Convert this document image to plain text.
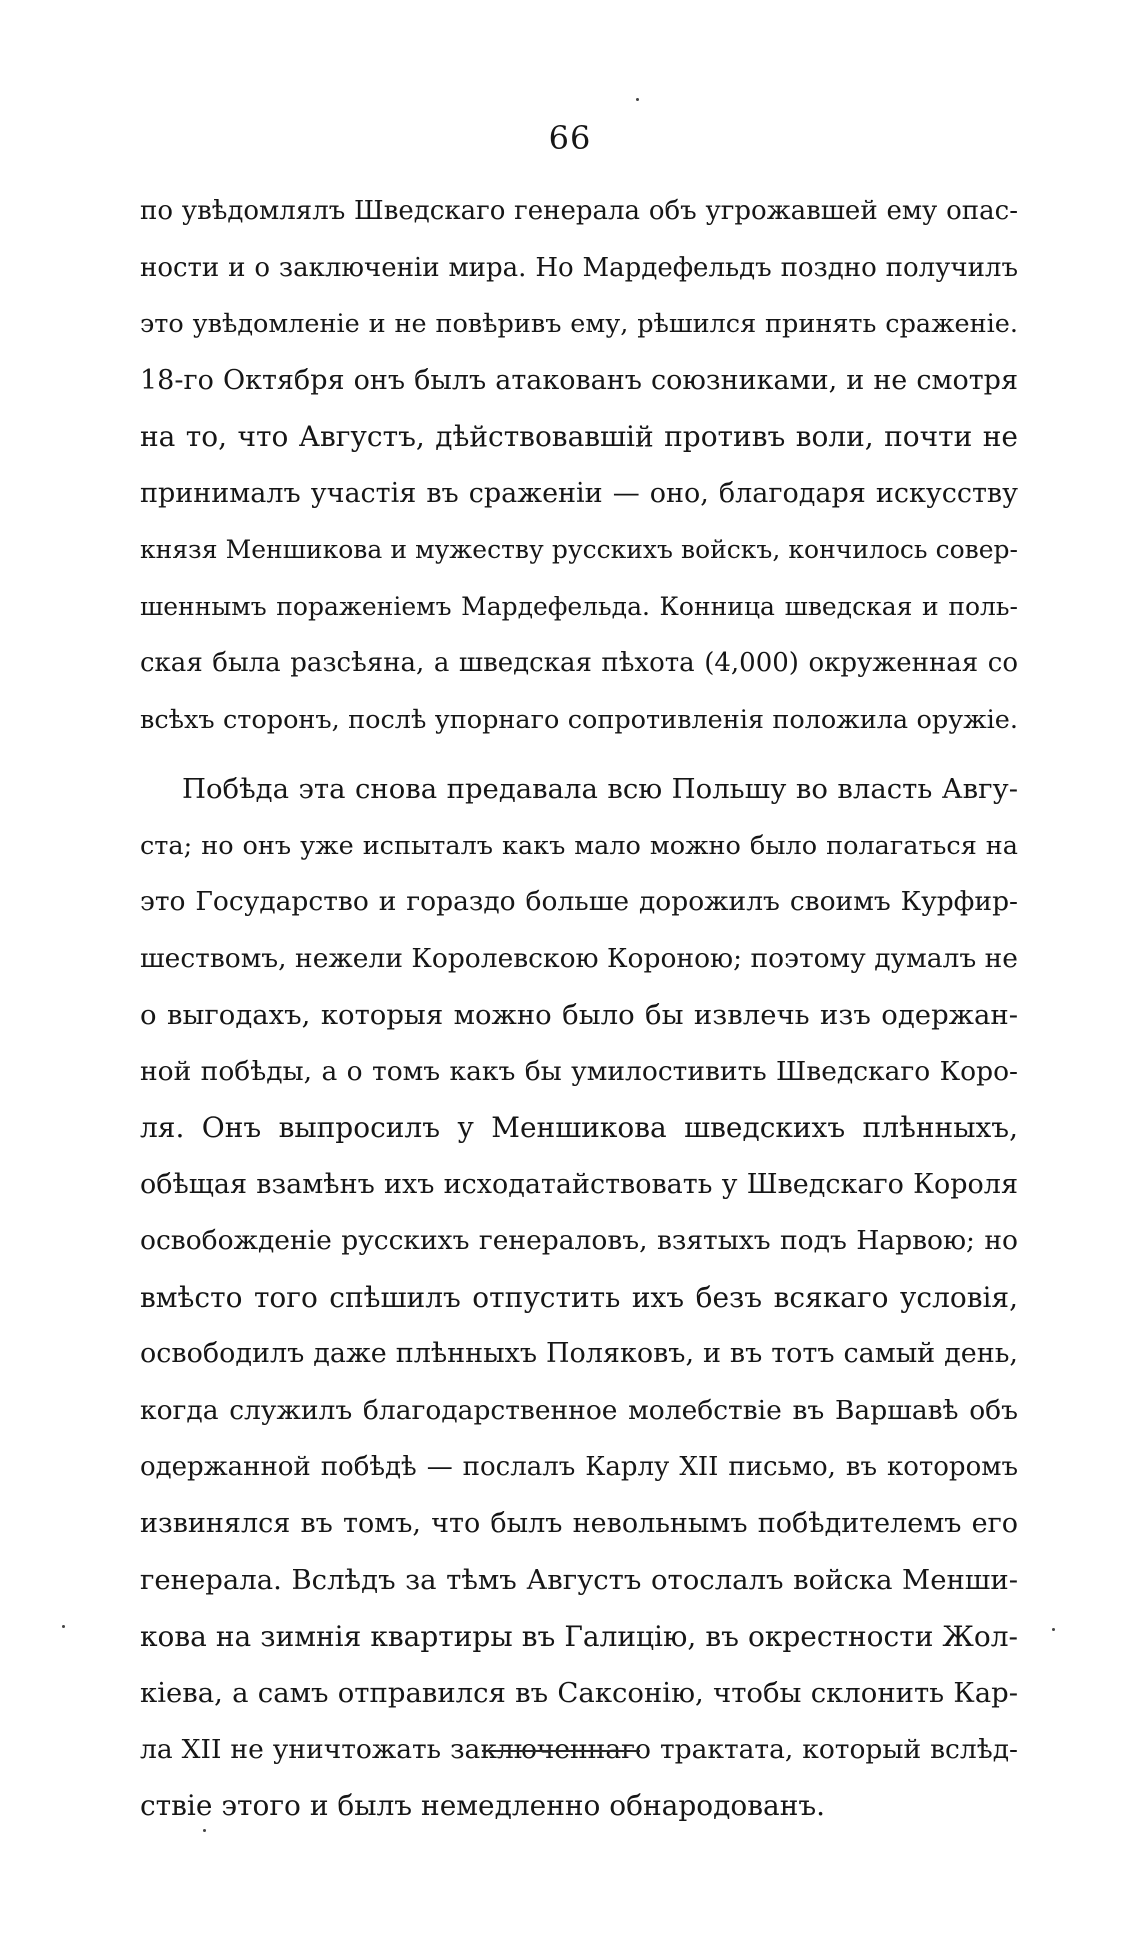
66
по увѣдомлялъ Шведскаго генерала объ угрожавшей ему опас-
ности и о заключеніи мира. Но Мардефельдъ поздно получилъ
это увѣдомленіе и не повѣривъ ему, рѣшился принять сраженіе.
18-го Октября онъ былъ атакованъ союзниками, и не смотря
на то, что Августъ, дѣйствовавшій противъ воли, почти не
принималъ участія въ сраженіи — оно, благодаря искусству
князя Меншикова и мужеству русскихъ войскъ, кончилось совер-
шеннымъ пораженіемъ Мардефельда. Конница шведская и поль-
ская была разсѣяна, а шведская пѣхота (4,000) окруженная со
всѣхъ сторонъ, послѣ упорнаго сопротивленія положила оружіе.
Побѣда эта снова предавала всю Польшу во власть Авгу-
ста; но онъ уже испыталъ какъ мало можно было полагаться на
это Государство и гораздо больше дорожилъ своимъ Курфир-
шествомъ, нежели Королевскою Короною; поэтому думалъ не
о выгодахъ, которыя можно было бы извлечь изъ одержан-
ной побѣды, а о томъ какъ бы умилостивить Шведскаго Коро-
ля. Онъ выпросилъ у Меншикова шведскихъ плѣнныхъ,
обѣщая взамѣнъ ихъ исходатайствовать у Шведскаго Короля
освобожденіе русскихъ генераловъ, взятыхъ подъ Нарвою; но
вмѣсто того спѣшилъ отпустить ихъ безъ всякаго условія,
освободилъ даже плѣнныхъ Поляковъ, и въ тотъ самый день,
когда служилъ благодарственное молебствіе въ Варшавѣ объ
одержанной побѣдѣ — послалъ Карлу XII письмо, въ которомъ
извинялся въ томъ, что былъ невольнымъ побѣдителемъ его
генерала. Вслѣдъ за тѣмъ Августъ отослалъ войска Менши-
кова на зимнія квартиры въ Галицію, въ окрестности Жол-
кіева, а самъ отправился въ Саксонію, чтобы склонить Кар-
ла XII не уничтожать заключеннаго трактата, который вслѣд-
ствіе этого и былъ немедленно обнародованъ.
